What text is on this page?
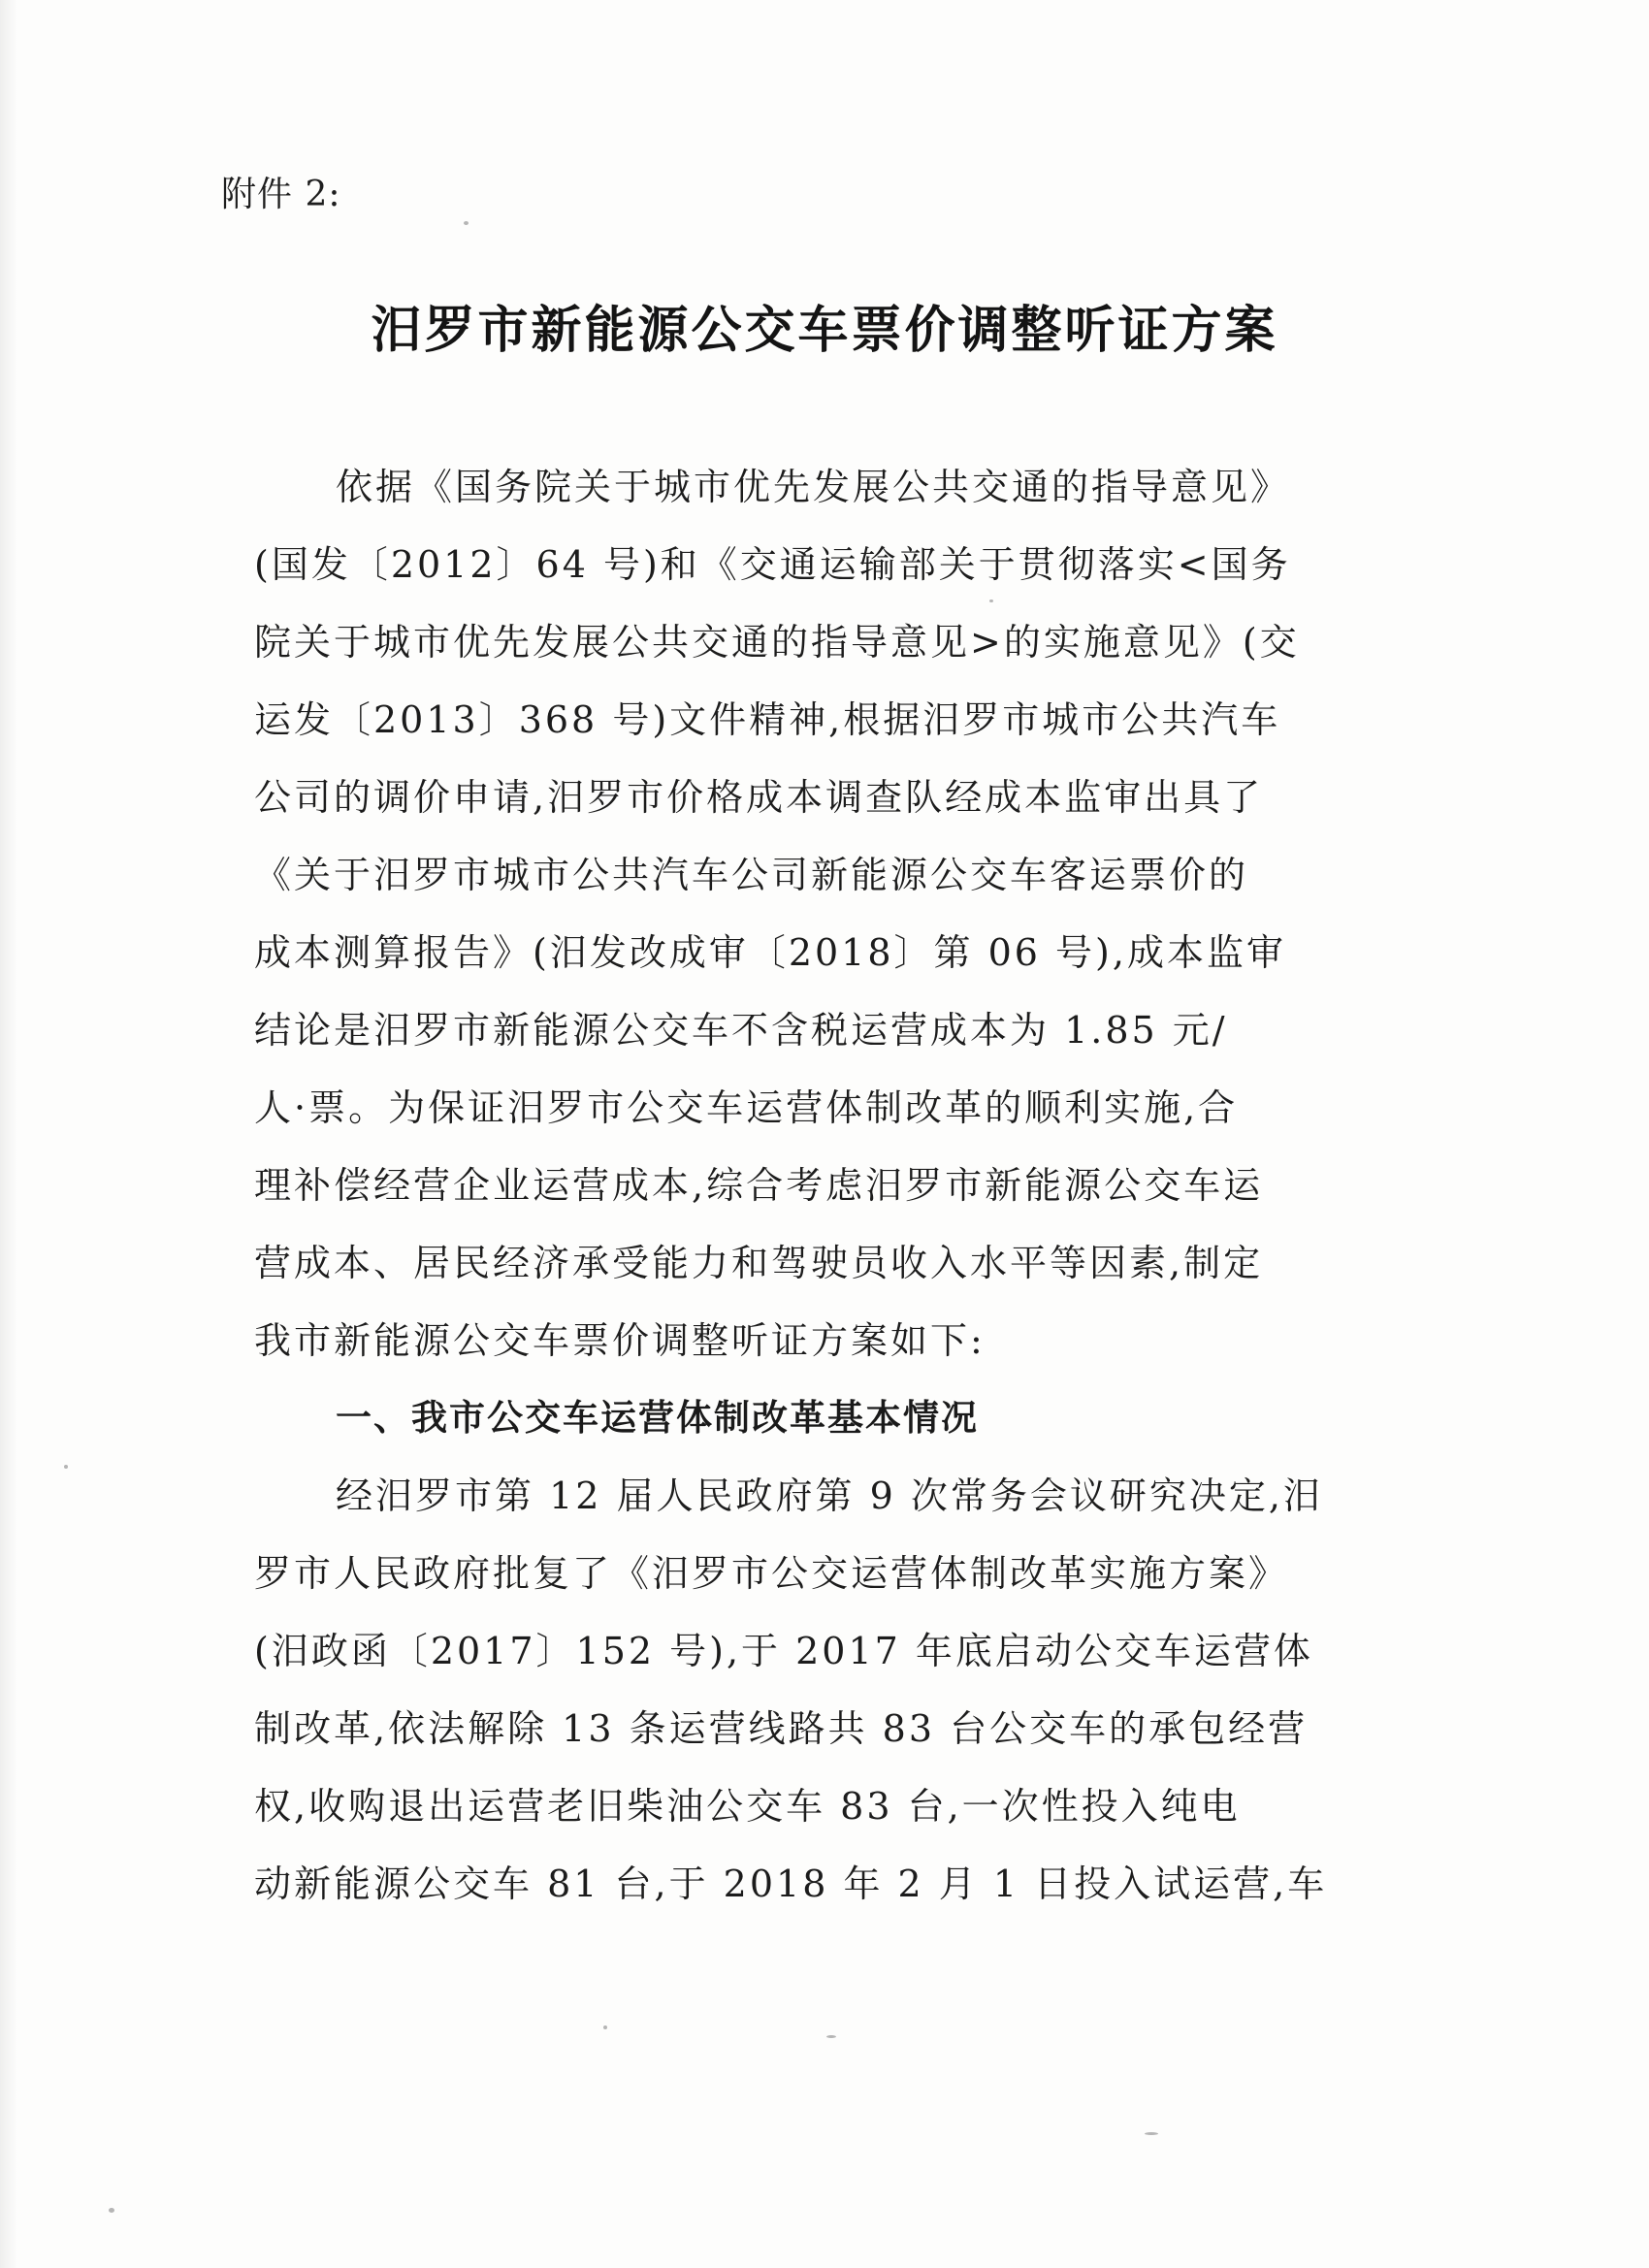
附件 2:
汨罗市新能源公交车票价调整听证方案
依据《国务院关于城市优先发展公共交通的指导意见》
(国发〔2012〕64 号)和《交通运输部关于贯彻落实<国务
院关于城市优先发展公共交通的指导意见>的实施意见》(交
运发〔2013〕368 号)文件精神,根据汨罗市城市公共汽车
公司的调价申请,汨罗市价格成本调查队经成本监审出具了
《关于汨罗市城市公共汽车公司新能源公交车客运票价的
成本测算报告》(汨发改成审〔2018〕第 06 号),成本监审
结论是汨罗市新能源公交车不含税运营成本为 1.85 元/
人·票。为保证汨罗市公交车运营体制改革的顺利实施,合
理补偿经营企业运营成本,综合考虑汨罗市新能源公交车运
营成本、居民经济承受能力和驾驶员收入水平等因素,制定
我市新能源公交车票价调整听证方案如下:
一、我市公交车运营体制改革基本情况
经汨罗市第 12 届人民政府第 9 次常务会议研究决定,汨
罗市人民政府批复了《汨罗市公交运营体制改革实施方案》
(汨政函〔2017〕152 号),于 2017 年底启动公交车运营体
制改革,依法解除 13 条运营线路共 83 台公交车的承包经营
权,收购退出运营老旧柴油公交车 83 台,一次性投入纯电
动新能源公交车 81 台,于 2018 年 2 月 1 日投入试运营,车
